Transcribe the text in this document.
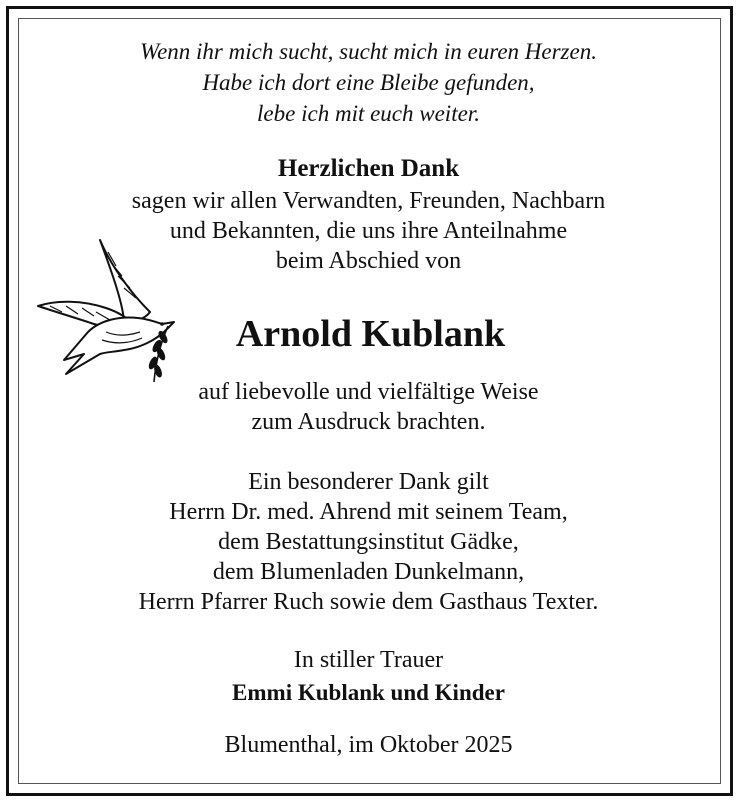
Wenn ihr mich sucht, sucht mich in euren Herzen.
Habe ich dort eine Bleibe gefunden,
lebe ich mit euch weiter.
Herzlichen Dank
sagen wir allen Verwandten, Freunden, Nachbarn
und Bekannten, die uns ihre Anteilnahme
beim Abschied von
Arnold Kublank
auf liebevolle und vielfältige Weise
zum Ausdruck brachten.
Ein besonderer Dank gilt
Herrn Dr. med. Ahrend mit seinem Team,
dem Bestattungsinstitut Gädke,
dem Blumenladen Dunkelmann,
Herrn Pfarrer Ruch sowie dem Gasthaus Texter.
In stiller Trauer
Emmi Kublank und Kinder
Blumenthal, im Oktober 2025
